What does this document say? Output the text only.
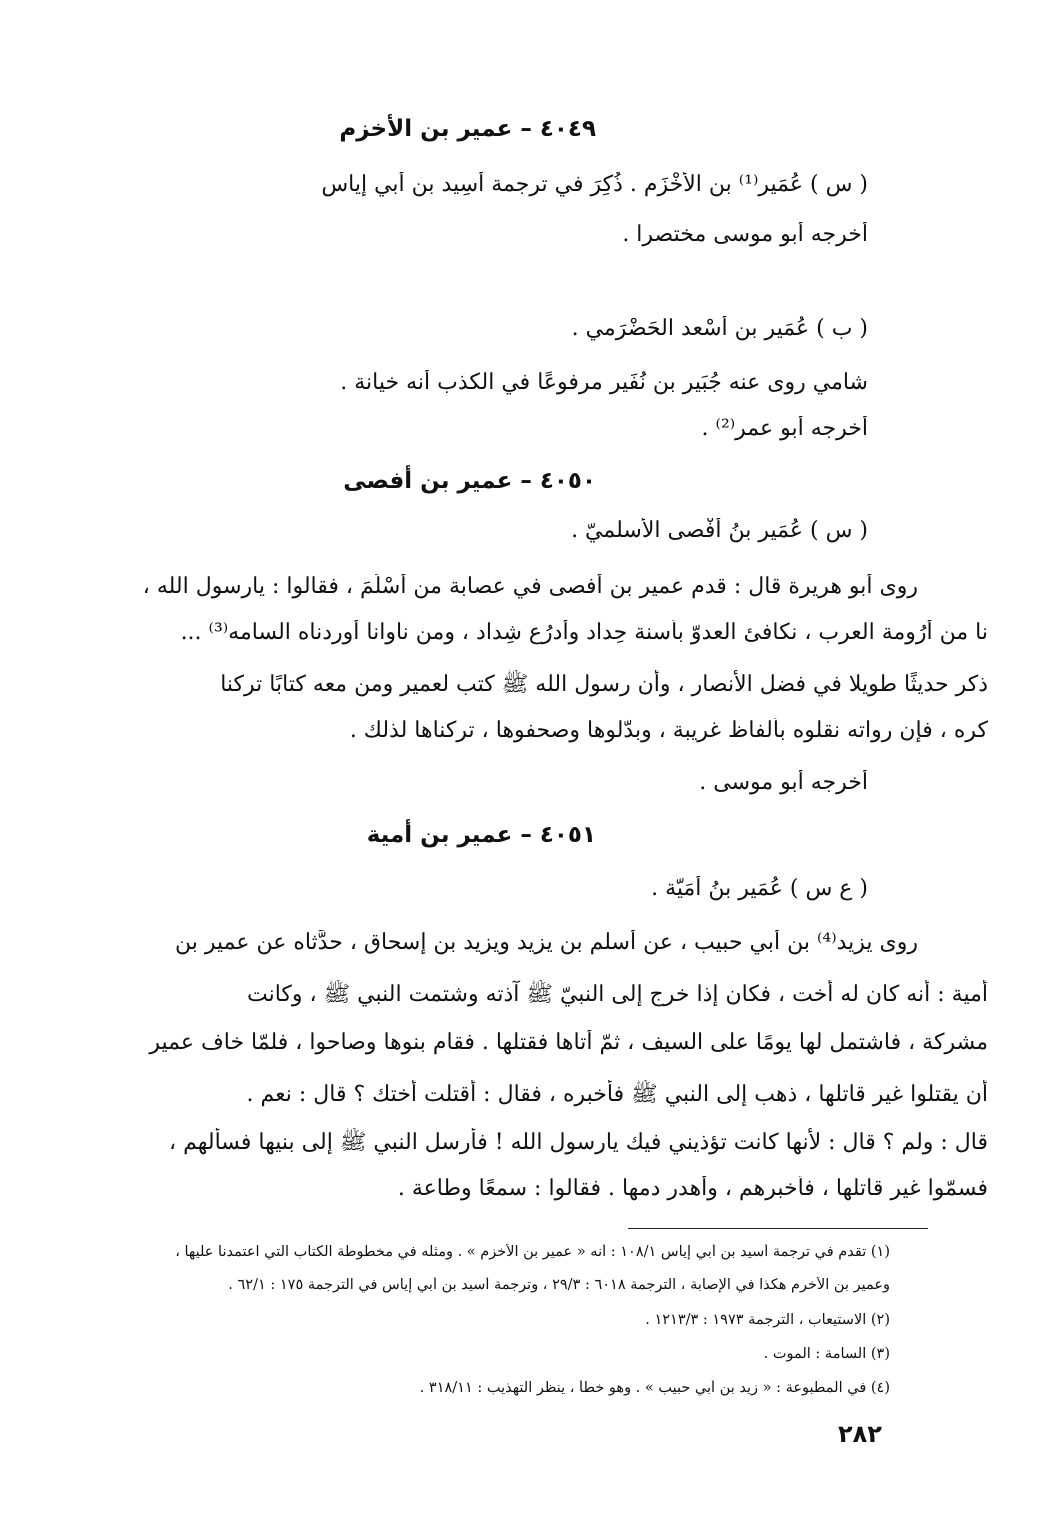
٤٠٤٩ – عمير بن الأخزم
( س ) عُمَير⁽¹⁾ بن الأَخْزَم . ذُكِرَ في ترجمة أَسِيد بن أبي إياس
أخرجه أبو موسى مختصرا .
( ب ) عُمَير بن أَسْعد الحَضْرَمي .
شامي روى عنه جُبَير بن نُفَير مرفوعًا في الكذب أنه خيانة .
أخرجه أبو عمر⁽²⁾ .
٤٠٥٠ – عمير بن أفصى
( س ) عُمَير بنُ أَفْصى الأَسلميّ .
روى أبو هريرة قال : قدم عمير بن أفصى في عصابة من أَسْلَمَ ، فقالوا : يارسول الله ،
نا من أَرُومة العرب ، نكافئ العدوّ بأسنة حِداد وأدرُع شِداد ، ومن ناوانا أوردناه السامه⁽³⁾ ...
ذكر حديثًا طويلا في فضل الأنصار ، وأن رسول الله ﷺ كتب لعمير ومن معه كتابًا تركنا
كره ، فإن رواته نقلوه بألفاظ غريبة ، وبدّلوها وصحفوها ، تركناها لذلك .
أخرجه أبو موسى .
٤٠٥١ – عمير بن أمية
( ع س ) عُمَير بنُ أُمَيّة .
روى يزيد⁽⁴⁾ بن أبي حبيب ، عن أسلم بن يزيد ويزيد بن إسحاق ، حدَّثاه عن عمير بن
أمية : أنه كان له أخت ، فكان إذا خرج إلى النبيّ ﷺ آذته وشتمت النبي ﷺ ، وكانت
مشركة ، فاشتمل لها يومًا على السيف ، ثمّ أتاها فقتلها . فقام بنوها وصاحوا ، فلمّا خاف عمير
أن يقتلوا غير قاتلها ، ذهب إلى النبي ﷺ فأخبره ، فقال : أقتلت أختك ؟ قال : نعم .
قال : ولم ؟ قال : لأنها كانت تؤذيني فيك يارسول الله ! فأرسل النبي ﷺ إلى بنيها فسألهم ،
فسمّوا غير قاتلها ، فأخبرهم ، وأهدر دمها . فقالوا : سمعًا وطاعة .
(١) تقدم في ترجمة أسيد بن أبي إياس ١٠٨/١ : أنه « عمير بن الأخزم » . ومثله في مخطوطة الكتاب التي اعتمدنا عليها ،
وعمير بن الأخرم هكذا في الإصابة ، الترجمة ٦٠١٨ : ٢٩/٣ ، وترجمة أسيد بن أبي إياس في الترجمة ١٧٥ : ٦٢/١ .
(٢) الاستيعاب ، الترجمة ١٩٧٣ : ١٢١٣/٣ .
(٣) السامة : الموت .
(٤) في المطبوعة : « زيد بن أبي حبيب » . وهو خطأ ، ينظر التهذيب : ٣١٨/١١ .
٢٨٢
